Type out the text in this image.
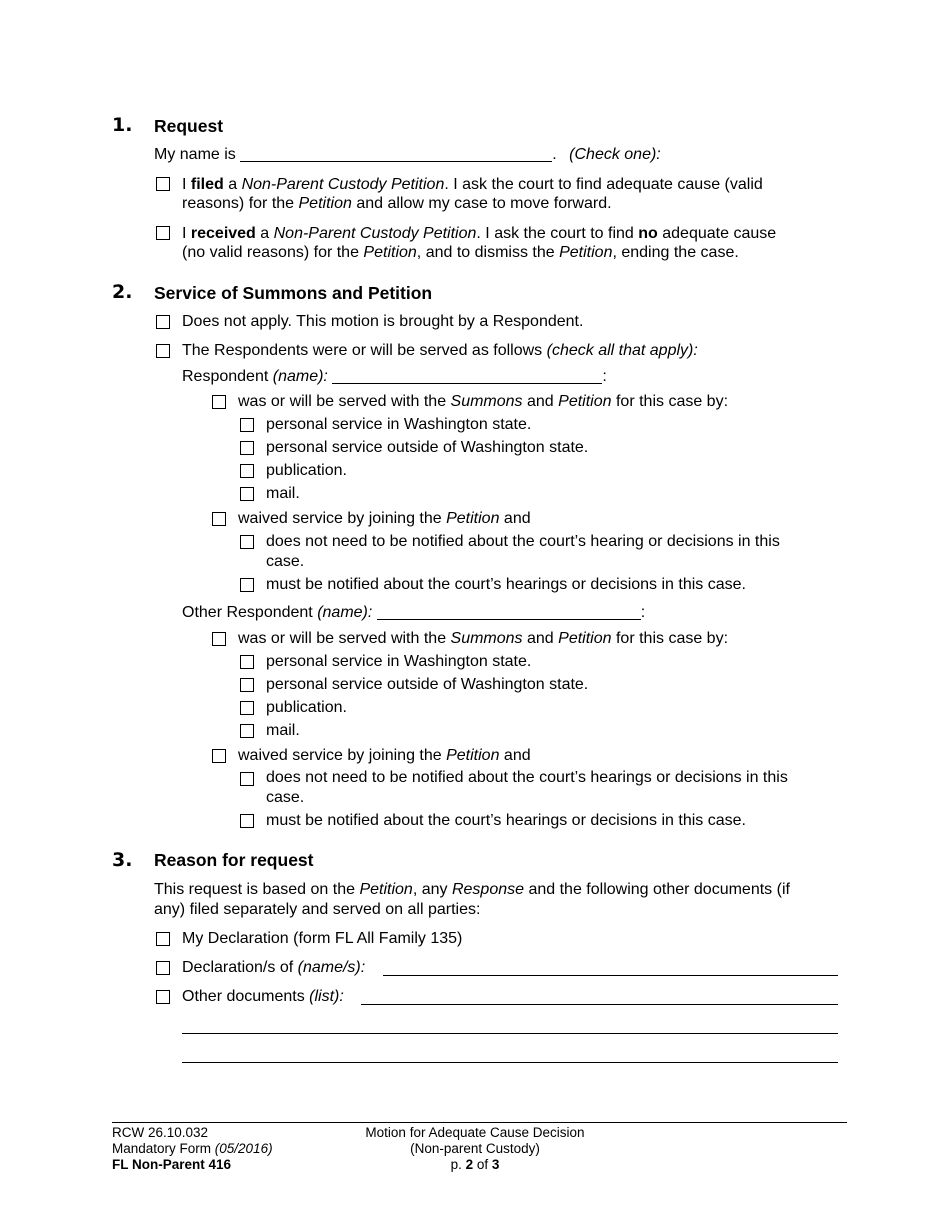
1. Request
My name is	. (Check one):
I filed a Non-Parent Custody Petition. I ask the court to find adequate cause (valid
reasons) for the Petition and allow my case to move forward.
I received a Non-Parent Custody Petition. I ask the court to find no adequate cause
(no valid reasons) for the Petition, and to dismiss the Petition, ending the case.
2. Service of Summons and Petition
Does not apply. This motion is brought by a Respondent.
The Respondents were or will be served as follows (check all that apply):
Respondent (name):	:
was or will be served with the Summons and Petition for this case by:
personal service in Washington state.
personal service outside of Washington state.
publication.
mail.
waived service by joining the Petition and
does not need to be notified about the court’s hearing or decisions in this
case.
must be notified about the court’s hearings or decisions in this case.
Other Respondent (name):	:
was or will be served with the Summons and Petition for this case by:
personal service in Washington state.
personal service outside of Washington state.
publication.
mail.
waived service by joining the Petition and
does not need to be notified about the court’s hearings or decisions in this
case.
must be notified about the court’s hearings or decisions in this case.
3. Reason for request
This request is based on the Petition, any Response and the following other documents (if
any) filed separately and served on all parties:
My Declaration (form FL All Family 135)
Declaration/s of (name/s):
Other documents (list):
RCW 26.10.032
Mandatory Form (05/2016)
FL Non-Parent 416
Motion for Adequate Cause Decision
(Non-parent Custody)
p. 2 of 3
